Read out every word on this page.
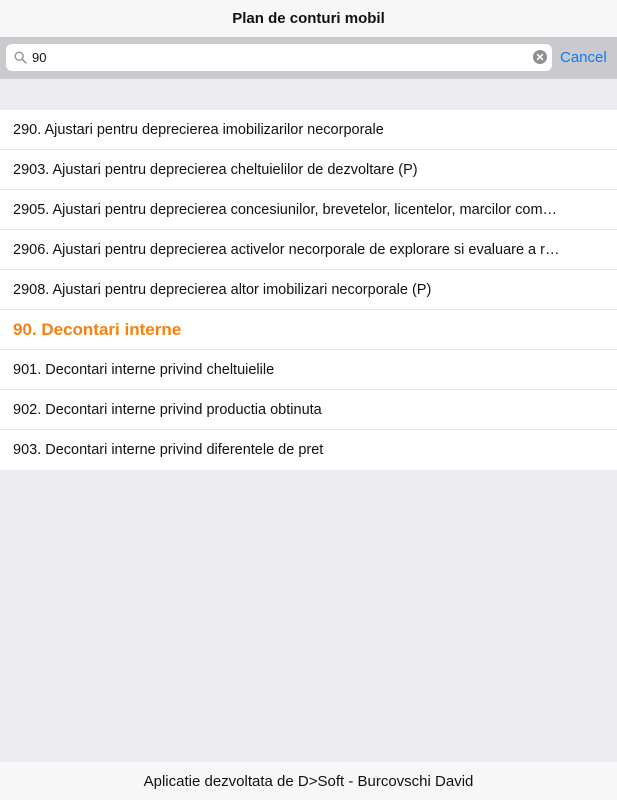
Plan de conturi mobil
90
Cancel
290. Ajustari pentru deprecierea imobilizarilor necorporale
2903. Ajustari pentru deprecierea cheltuielilor de dezvoltare (P)
2905. Ajustari pentru deprecierea concesiunilor, brevetelor, licentelor, marcilor com…
2906. Ajustari pentru deprecierea activelor necorporale de explorare si evaluare a r…
2908. Ajustari pentru deprecierea altor imobilizari necorporale (P)
90. Decontari interne
901. Decontari interne privind cheltuielile
902. Decontari interne privind productia obtinuta
903. Decontari interne privind diferentele de pret
Aplicatie dezvoltata de D>Soft - Burcovschi David
